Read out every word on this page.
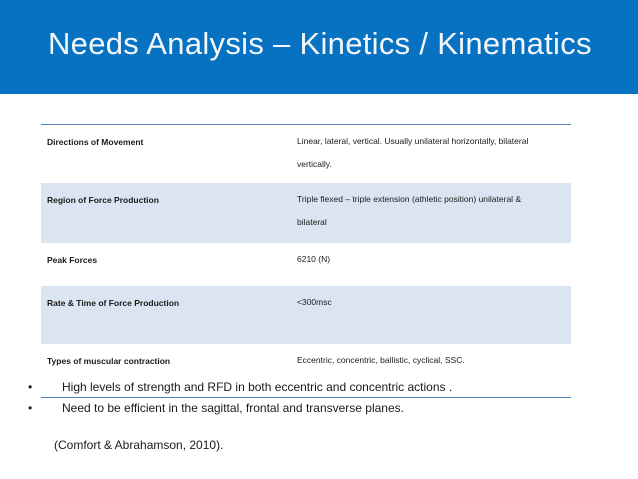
Needs Analysis – Kinetics / Kinematics
Directions of Movement	Linear, lateral, vertical. Usually unilateral horizontally, bilateral
vertically.
Region of Force Production	Triple flexed – triple extension (athletic position) unilateral &
bilateral
Peak Forces	6210 (N)

Rate & Time of Force Production	<300msc

Types of muscular contraction	Eccentric, concentric, ballistic, cyclical, SSC.
• High levels of strength and RFD in both eccentric and concentric actions .
• Need to be efficient in the sagittal, frontal and transverse planes.
(Comfort & Abrahamson, 2010).
